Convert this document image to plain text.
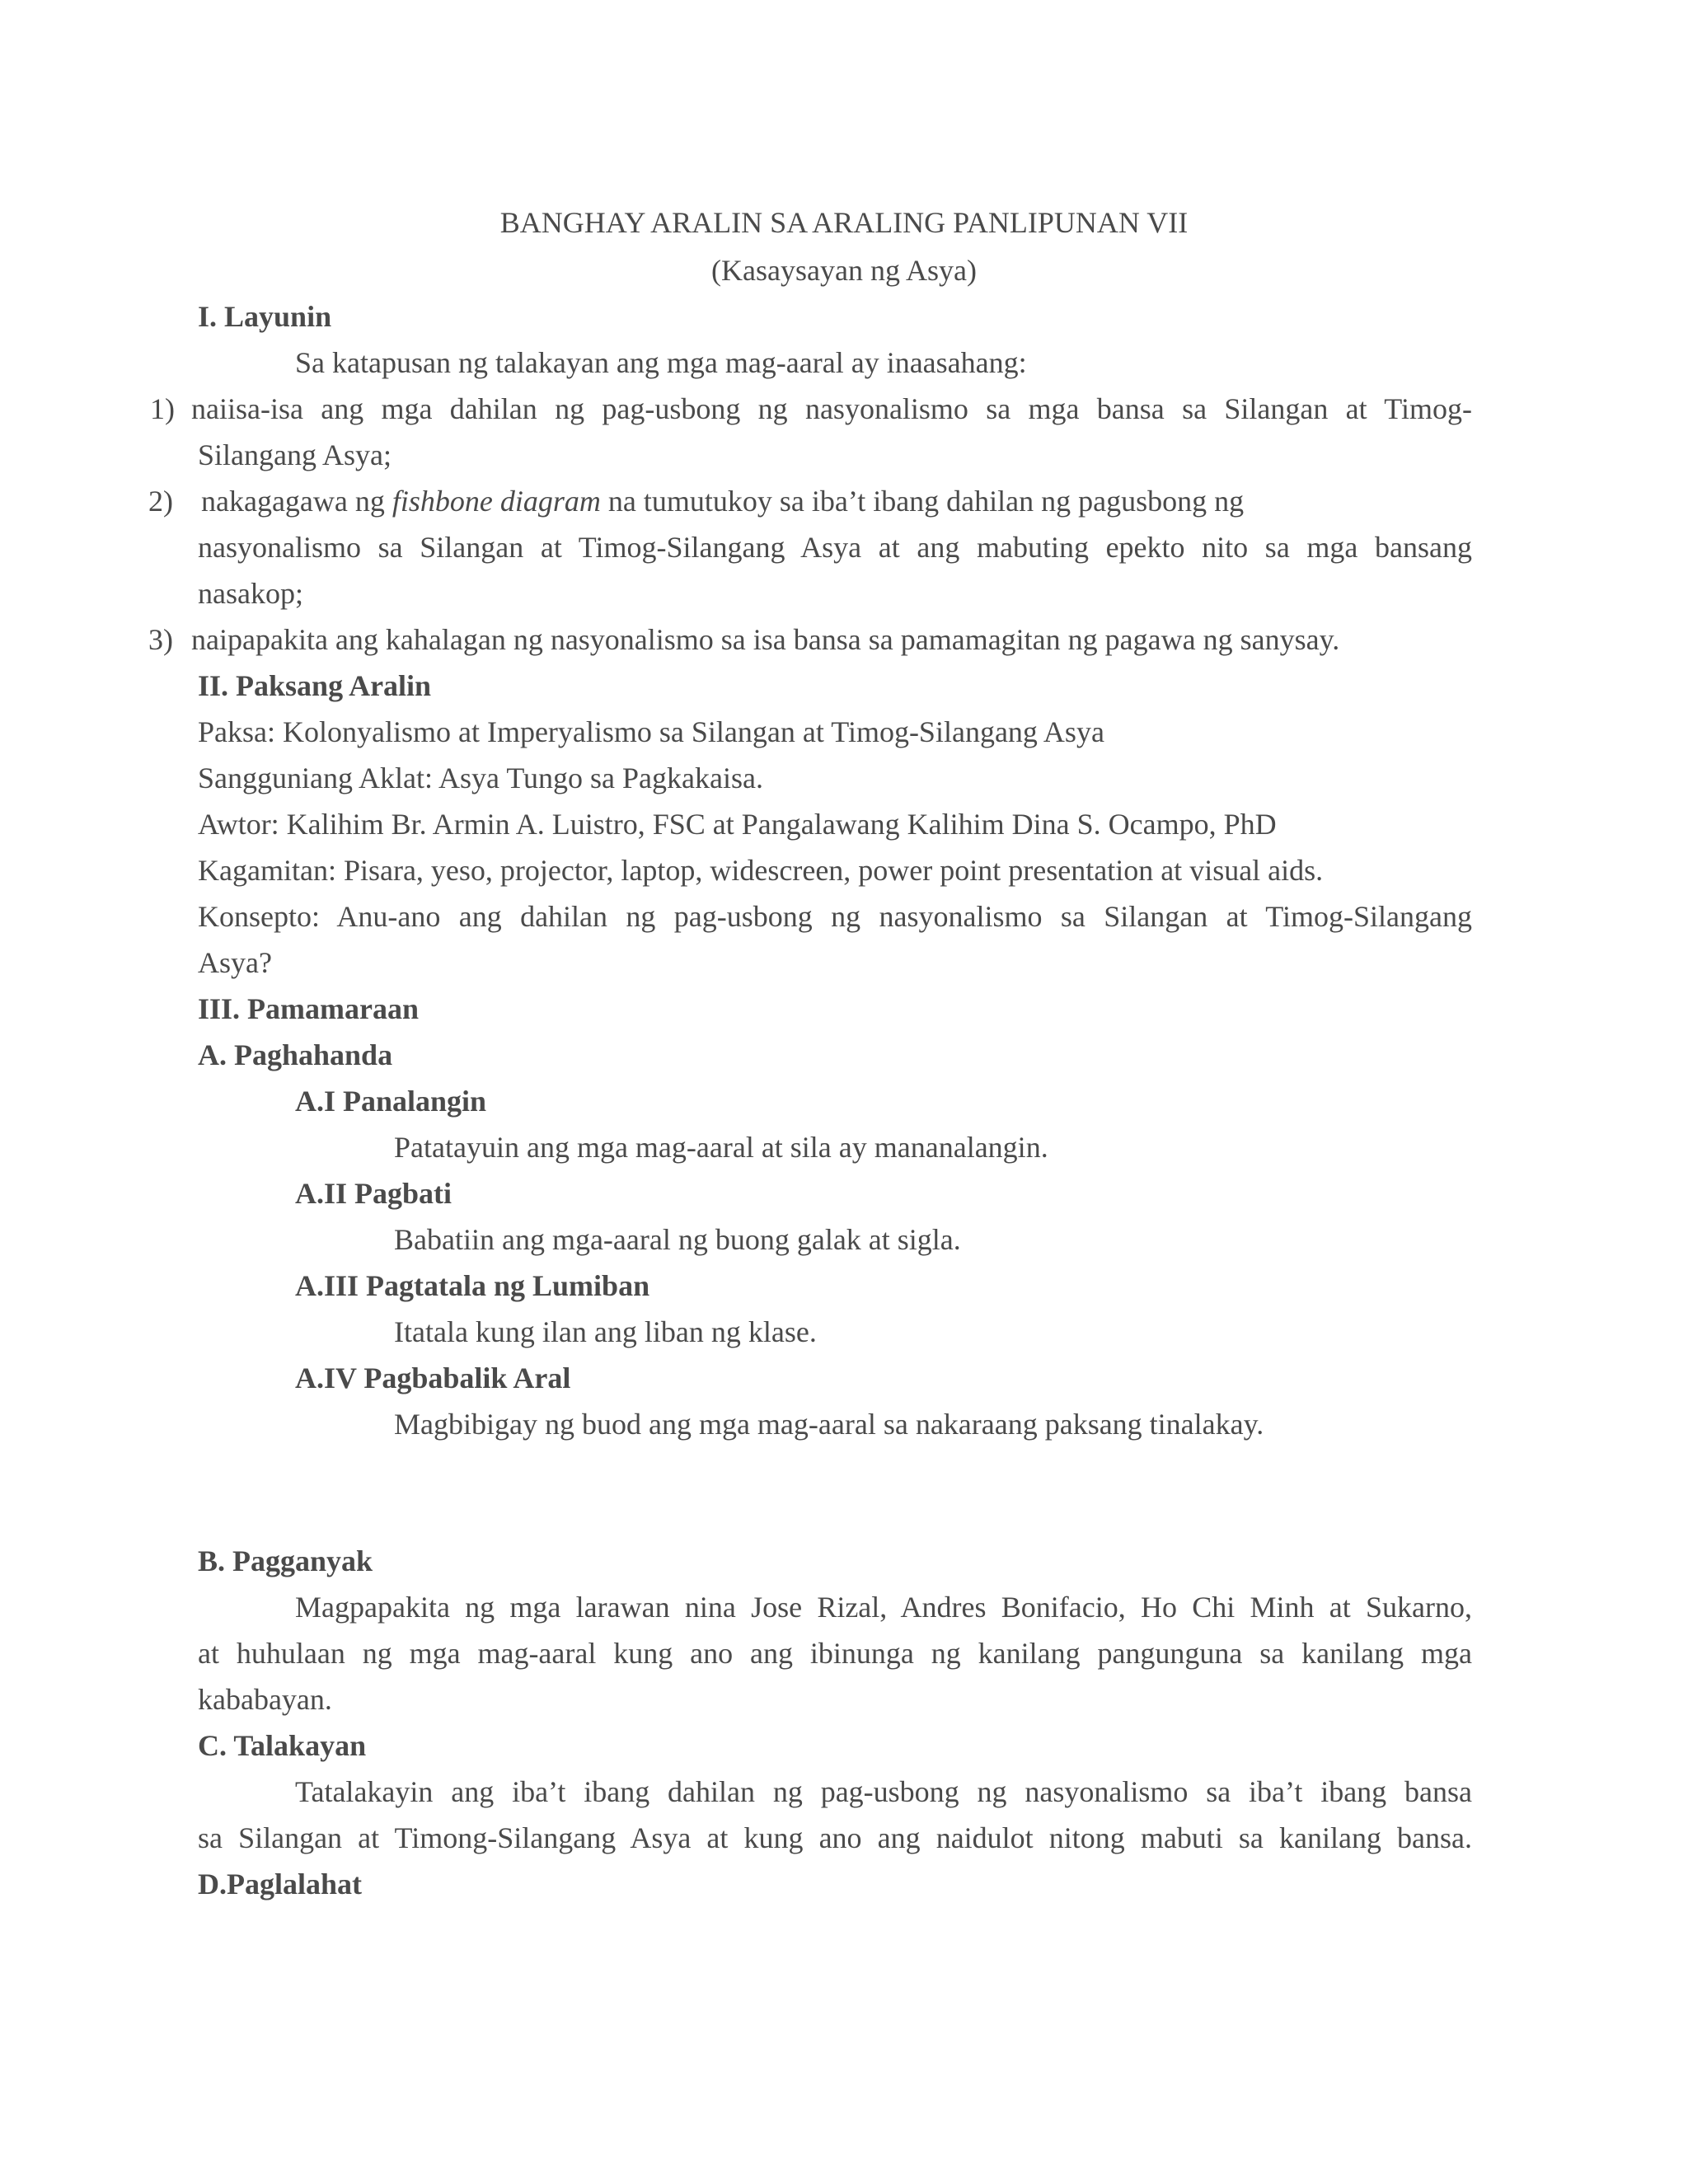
BANGHAY ARALIN SA ARALING PANLIPUNAN VII
(Kasaysayan ng Asya)
I. Layunin
Sa katapusan ng talakayan ang mga mag-aaral ay inaasahang:
1) naiisa-isa ang mga dahilan ng pag-usbong ng nasyonalismo sa mga bansa sa Silangan at Timog-
Silangang Asya;
2) nakagagawa ng fishbone diagram na tumutukoy sa iba’t ibang dahilan ng pagusbong ng
nasyonalismo sa Silangan at Timog-Silangang Asya at ang mabuting epekto nito sa mga bansang
nasakop;
3) naipapakita ang kahalagan ng nasyonalismo sa isa bansa sa pamamagitan ng pagawa ng sanysay.
II. Paksang Aralin
Paksa: Kolonyalismo at Imperyalismo sa Silangan at Timog-Silangang Asya
Sangguniang Aklat: Asya Tungo sa Pagkakaisa.
Awtor: Kalihim Br. Armin A. Luistro, FSC at Pangalawang Kalihim Dina S. Ocampo, PhD
Kagamitan: Pisara, yeso, projector, laptop, widescreen, power point presentation at visual aids.
Konsepto: Anu-ano ang dahilan ng pag-usbong ng nasyonalismo sa Silangan at Timog-Silangang
Asya?
III. Pamamaraan
A. Paghahanda
A.I Panalangin
Patatayuin ang mga mag-aaral at sila ay mananalangin.
A.II Pagbati
Babatiin ang mga-aaral ng buong galak at sigla.
A.III Pagtatala ng Lumiban
Itatala kung ilan ang liban ng klase.
A.IV Pagbabalik Aral
Magbibigay ng buod ang mga mag-aaral sa nakaraang paksang tinalakay.
B. Pagganyak
Magpapakita ng mga larawan nina Jose Rizal, Andres Bonifacio, Ho Chi Minh at Sukarno,
at huhulaan ng mga mag-aaral kung ano ang ibinunga ng kanilang pangunguna sa kanilang mga
kababayan.
C. Talakayan
Tatalakayin ang iba’t ibang dahilan ng pag-usbong ng nasyonalismo sa iba’t ibang bansa
sa Silangan at Timong-Silangang Asya at kung ano ang naidulot nitong mabuti sa kanilang bansa.
D.Paglalahat
